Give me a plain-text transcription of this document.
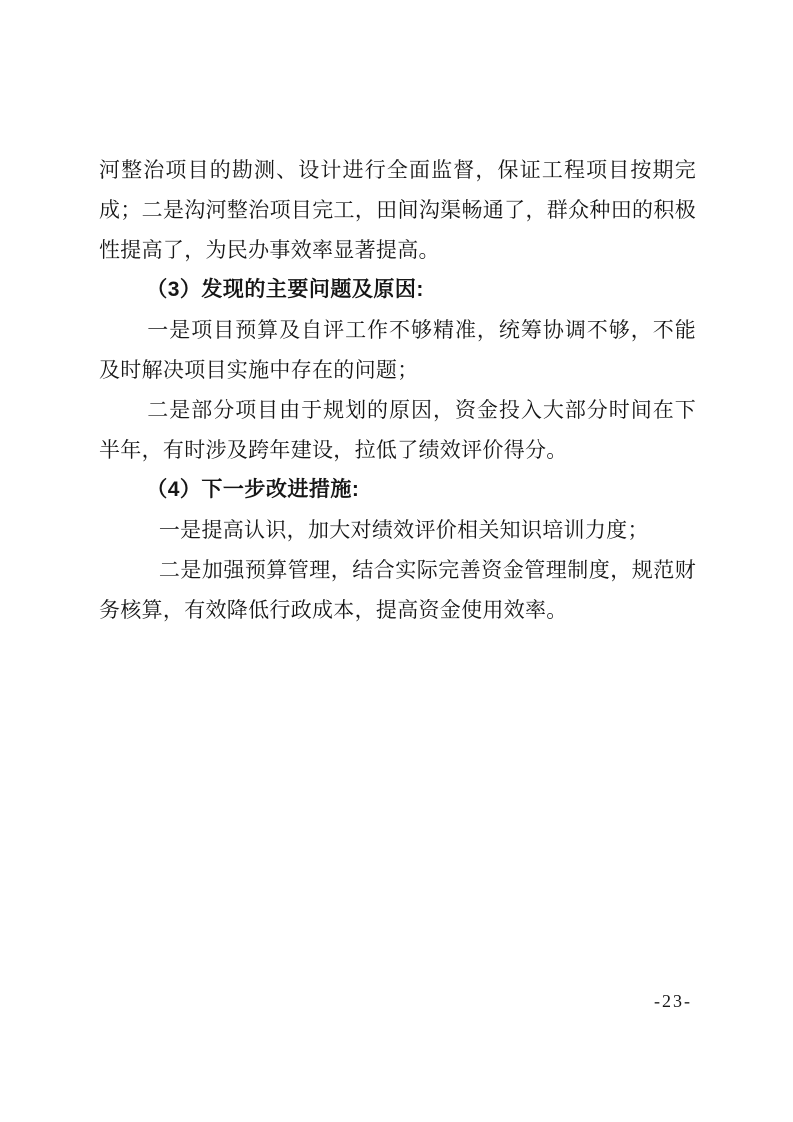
河整治项目的勘测、设计进行全面监督，保证工程项目按期完成；二是沟河整治项目完工，田间沟渠畅通了，群众种田的积极性提高了，为民办事效率显著提高。

（3）发现的主要问题及原因:

一是项目预算及自评工作不够精准，统筹协调不够，不能及时解决项目实施中存在的问题；

二是部分项目由于规划的原因，资金投入大部分时间在下半年，有时涉及跨年建设，拉低了绩效评价得分。

（4）下一步改进措施:

一是提高认识，加大对绩效评价相关知识培训力度；

二是加强预算管理，结合实际完善资金管理制度，规范财务核算，有效降低行政成本，提高资金使用效率。

-23-
